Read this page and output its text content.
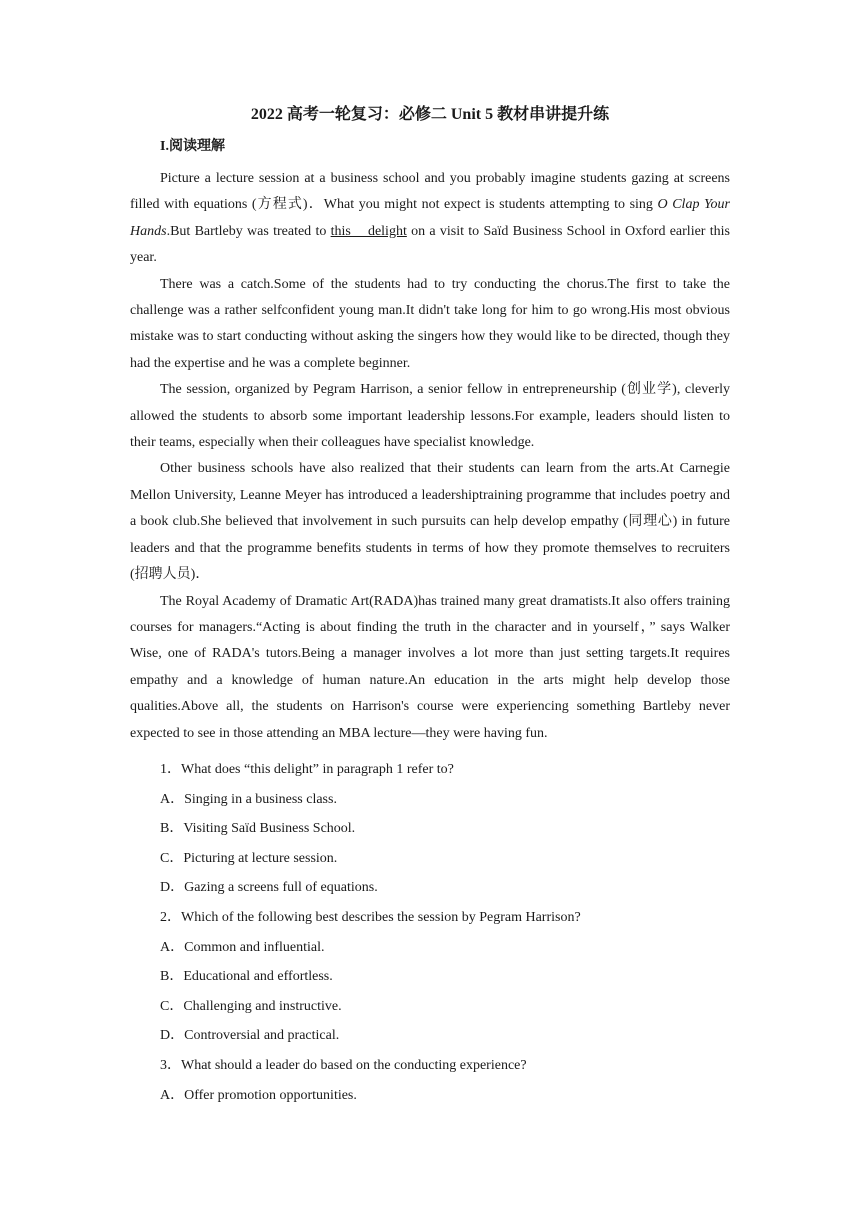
2022 高考一轮复习：必修二 Unit 5 教材串讲提升练
I.阅读理解

Picture a lecture session at a business school and you probably imagine students gazing at screens filled with equations (方程式)．What you might not expect is students attempting to sing O Clap Your Hands.But Bartleby was treated to this    delight on a visit to Saïd Business School in Oxford earlier this year.

There was a catch.Some of the students had to try conducting the chorus.The first to take the challenge was a rather selfconfident young man.It didn't take long for him to go wrong.His most obvious mistake was to start conducting without asking the singers how they would like to be directed, though they had the expertise and he was a complete beginner.

The session, organized by Pegram Harrison, a senior fellow in entrepreneurship (创业学), cleverly allowed the students to absorb some important leadership lessons.For example, leaders should listen to their teams, especially when their colleagues have specialist knowledge.

Other business schools have also realized that their students can learn from the arts.At Carnegie Mellon University, Leanne Meyer has introduced a leadershiptraining programme that includes poetry and a book club.She believed that involvement in such pursuits can help develop empathy (同理心) in future leaders and that the programme benefits students in terms of how they promote themselves to recruiters (招聘人员)．

The Royal Academy of Dramatic Art(RADA)has trained many great dramatists.It also offers training courses for managers.“Acting is about finding the truth in the character and in yourself，” says Walker Wise, one of RADA's tutors.Being a manager involves a lot more than just setting targets.It requires empathy and a knowledge of human nature.An education in the arts might help develop those qualities.Above all, the students on Harrison's course were experiencing something Bartleby never expected to see in those attending an MBA lecture—they were having fun.

1．What does “this delight” in paragraph 1 refer to?
A．Singing in a business class.
B．Visiting Saïd Business School.
C．Picturing at lecture session.
D．Gazing a screens full of equations.
2．Which of the following best describes the session by Pegram Harrison?
A．Common and influential.
B．Educational and effortless.
C．Challenging and instructive.
D．Controversial and practical.
3．What should a leader do based on the conducting experience?
A．Offer promotion opportunities.
